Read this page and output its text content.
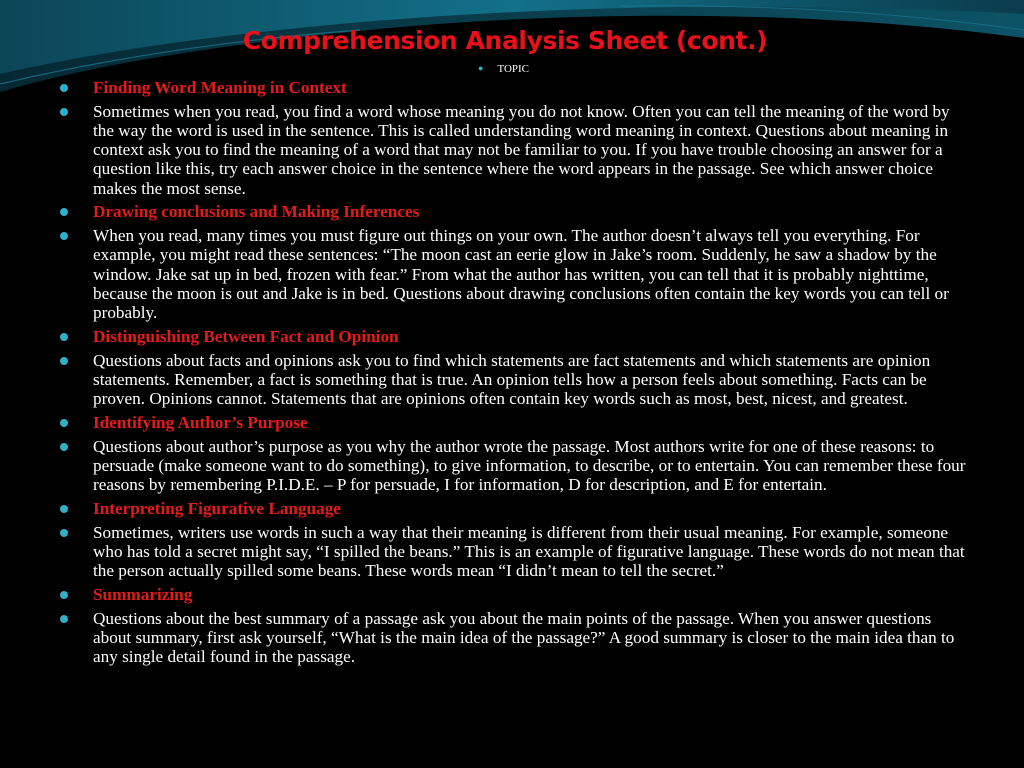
Comprehension Analysis Sheet (cont.)
● TOPIC
Finding Word Meaning in Context
Sometimes when you read, you find a word whose meaning you do not know. Often you can tell the meaning of the word by the way the word is used in the sentence. This is called understanding word meaning in context. Questions about meaning in context ask you to find the meaning of a word that may not be familiar to you. If you have trouble choosing an answer for a question like this, try each answer choice in the sentence where the word appears in the passage. See which answer choice makes the most sense.
Drawing conclusions and Making Inferences
When you read, many times you must figure out things on your own. The author doesn’t always tell you everything. For example, you might read these sentences: “The moon cast an eerie glow in Jake’s room. Suddenly, he saw a shadow by the window. Jake sat up in bed, frozen with fear.” From what the author has written, you can tell that it is probably nighttime, because the moon is out and Jake is in bed. Questions about drawing conclusions often contain the key words you can tell or probably.
Distinguishing Between Fact and Opinion
Questions about facts and opinions ask you to find which statements are fact statements and which statements are opinion statements. Remember, a fact is something that is true. An opinion tells how a person feels about something. Facts can be proven. Opinions cannot. Statements that are opinions often contain key words such as most, best, nicest, and greatest.
Identifying Author’s Purpose
Questions about author’s purpose as you why the author wrote the passage. Most authors write for one of these reasons: to persuade (make someone want to do something), to give information, to describe, or to entertain. You can remember these four reasons by remembering P.I.D.E. – P for persuade, I for information, D for description, and E for entertain.
Interpreting Figurative Language
Sometimes, writers use words in such a way that their meaning is different from their usual meaning. For example, someone who has told a secret might say, “I spilled the beans.” This is an example of figurative language. These words do not mean that the person actually spilled some beans. These words mean “I didn’t mean to tell the secret.”
Summarizing
Questions about the best summary of a passage ask you about the main points of the passage. When you answer questions about summary, first ask yourself, “What is the main idea of the passage?” A good summary is closer to the main idea than to any single detail found in the passage.
